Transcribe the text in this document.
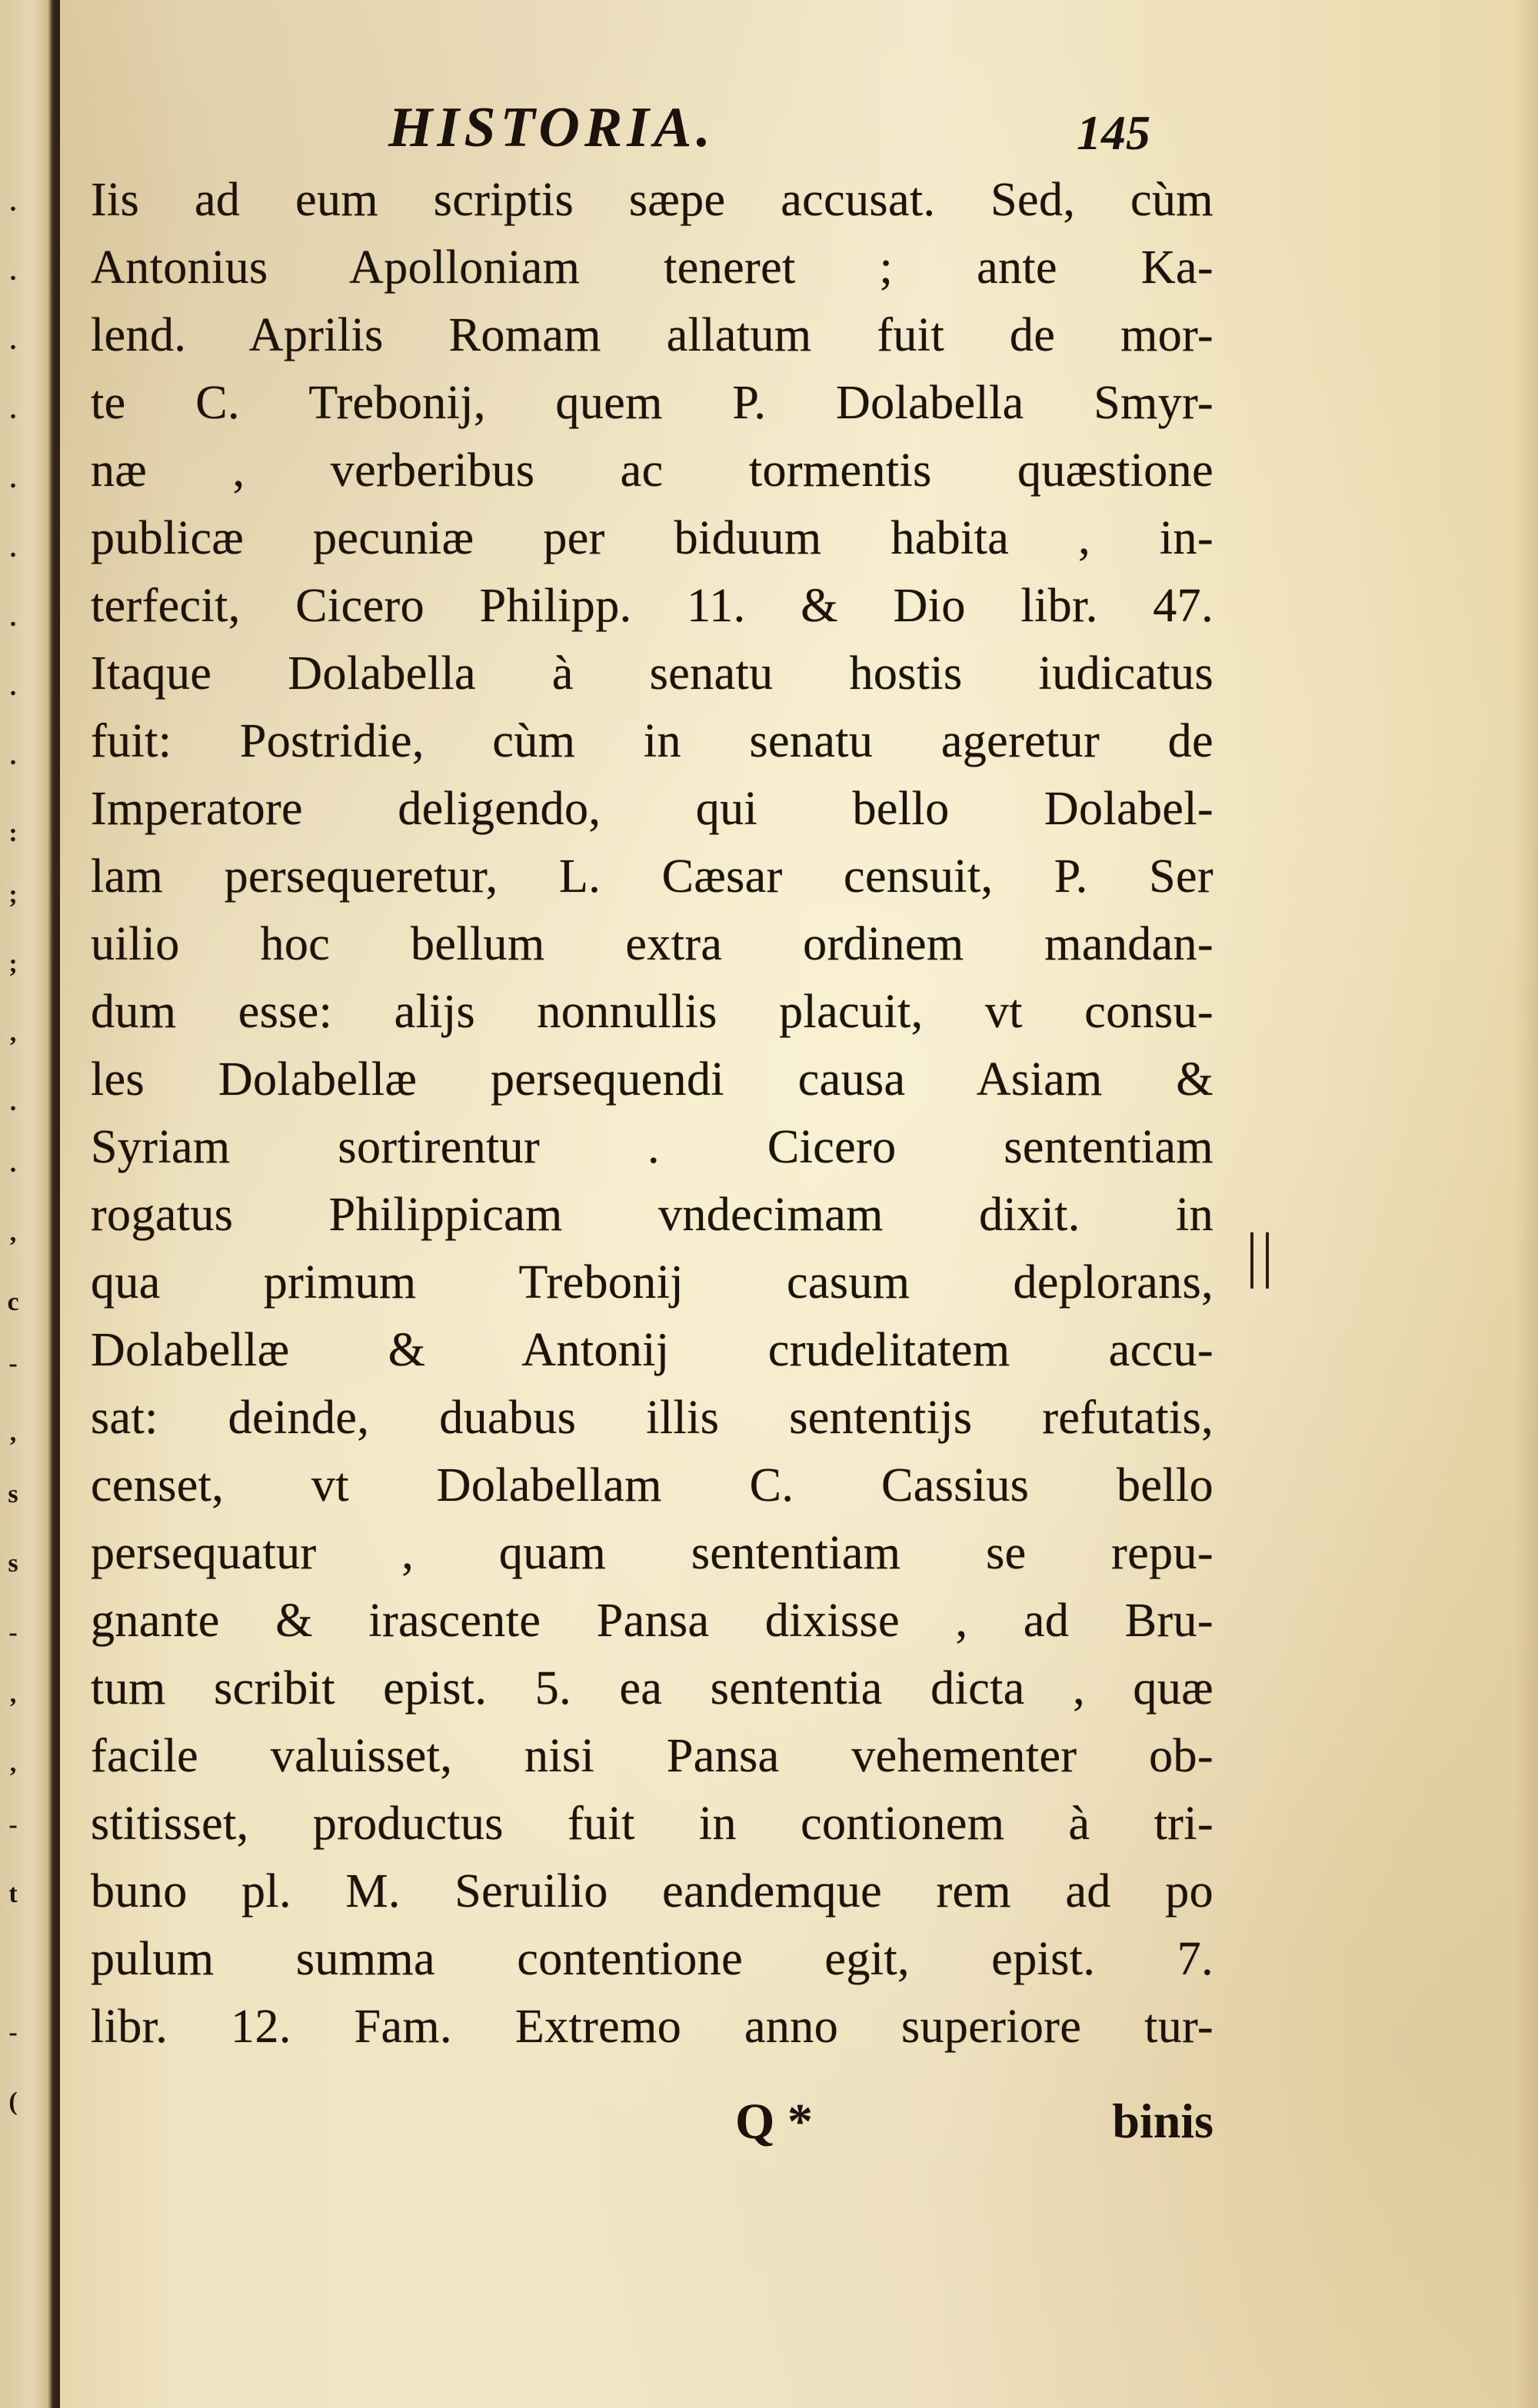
.
.
.
.
.
.
.
.
.
:
;
;
,
.
.
,
c
-
,
s
s
-
,
,
-
t
-
(
HISTORIA.	145
Iis ad eum scriptis sæpe accusat. Sed, cùm
Antonius Apolloniam teneret ; ante Ka-
lend. Aprilis Romam allatum fuit de mor-
te C. Trebonij, quem P. Dolabella Smyr-
næ , verberibus ac tormentis quæstione
publicæ pecuniæ per biduum habita , in-
terfecit, Cicero Philipp. 11. & Dio libr. 47.
Itaque Dolabella à senatu hostis iudicatus
fuit: Postridie, cùm in senatu ageretur de
Imperatore deligendo, qui bello Dolabel-
lam persequeretur, L. Cæsar censuit, P. Ser
uilio hoc bellum extra ordinem mandan-
dum esse: alijs nonnullis placuit, vt consu-
les Dolabellæ persequendi causa Asiam &
Syriam sortirentur . Cicero sententiam
rogatus Philippicam vndecimam dixit. in
qua primum Trebonij casum deplorans,
Dolabellæ & Antonij crudelitatem accu-
sat: deinde, duabus illis sententijs refutatis,
censet, vt Dolabellam C. Cassius bello
persequatur , quam sententiam se repu-
gnante & irascente Pansa dixisse , ad Bru-
tum scribit epist. 5. ea sententia dicta , quæ
facile valuisset, nisi Pansa vehementer ob-
stitisset, productus fuit in contionem à tri-
buno pl. M. Seruilio eandemque rem ad po
pulum summa contentione egit, epist. 7.
libr. 12. Fam. Extremo anno superiore tur-
||
Q *	binis
